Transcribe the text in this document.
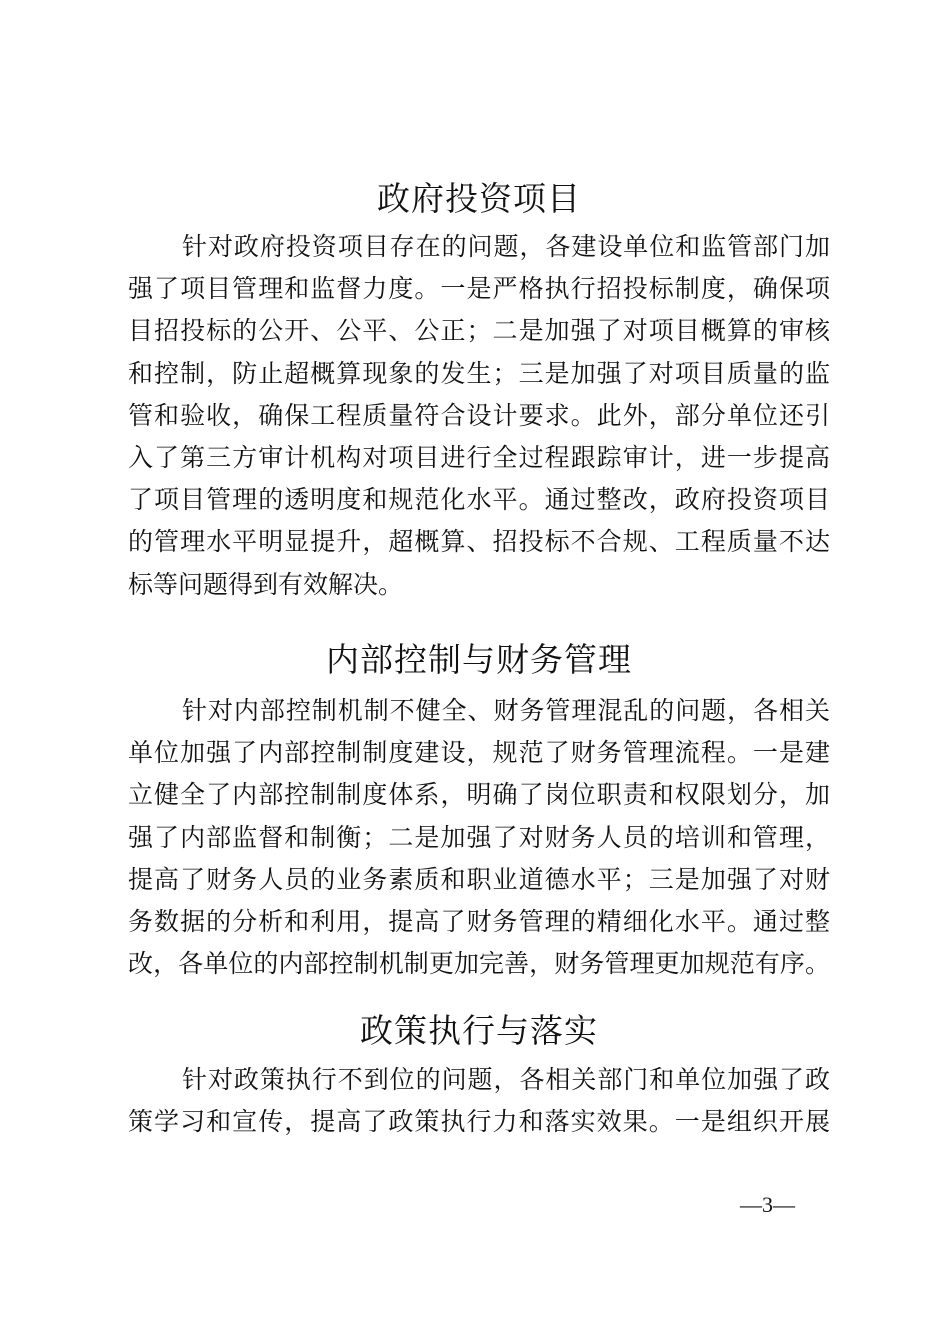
政府投资项目
针对政府投资项目存在的问题，各建设单位和监管部门加
强了项目管理和监督力度。一是严格执行招投标制度，确保项
目招投标的公开、公平、公正；二是加强了对项目概算的审核
和控制，防止超概算现象的发生；三是加强了对项目质量的监
管和验收，确保工程质量符合设计要求。此外，部分单位还引
入了第三方审计机构对项目进行全过程跟踪审计，进一步提高
了项目管理的透明度和规范化水平。通过整改，政府投资项目
的管理水平明显提升，超概算、招投标不合规、工程质量不达
标等问题得到有效解决。
内部控制与财务管理
针对内部控制机制不健全、财务管理混乱的问题，各相关
单位加强了内部控制制度建设，规范了财务管理流程。一是建
立健全了内部控制制度体系，明确了岗位职责和权限划分，加
强了内部监督和制衡；二是加强了对财务人员的培训和管理，
提高了财务人员的业务素质和职业道德水平；三是加强了对财
务数据的分析和利用，提高了财务管理的精细化水平。通过整
改，各单位的内部控制机制更加完善，财务管理更加规范有序。
政策执行与落实
针对政策执行不到位的问题，各相关部门和单位加强了政
策学习和宣传，提高了政策执行力和落实效果。一是组织开展
—3—
